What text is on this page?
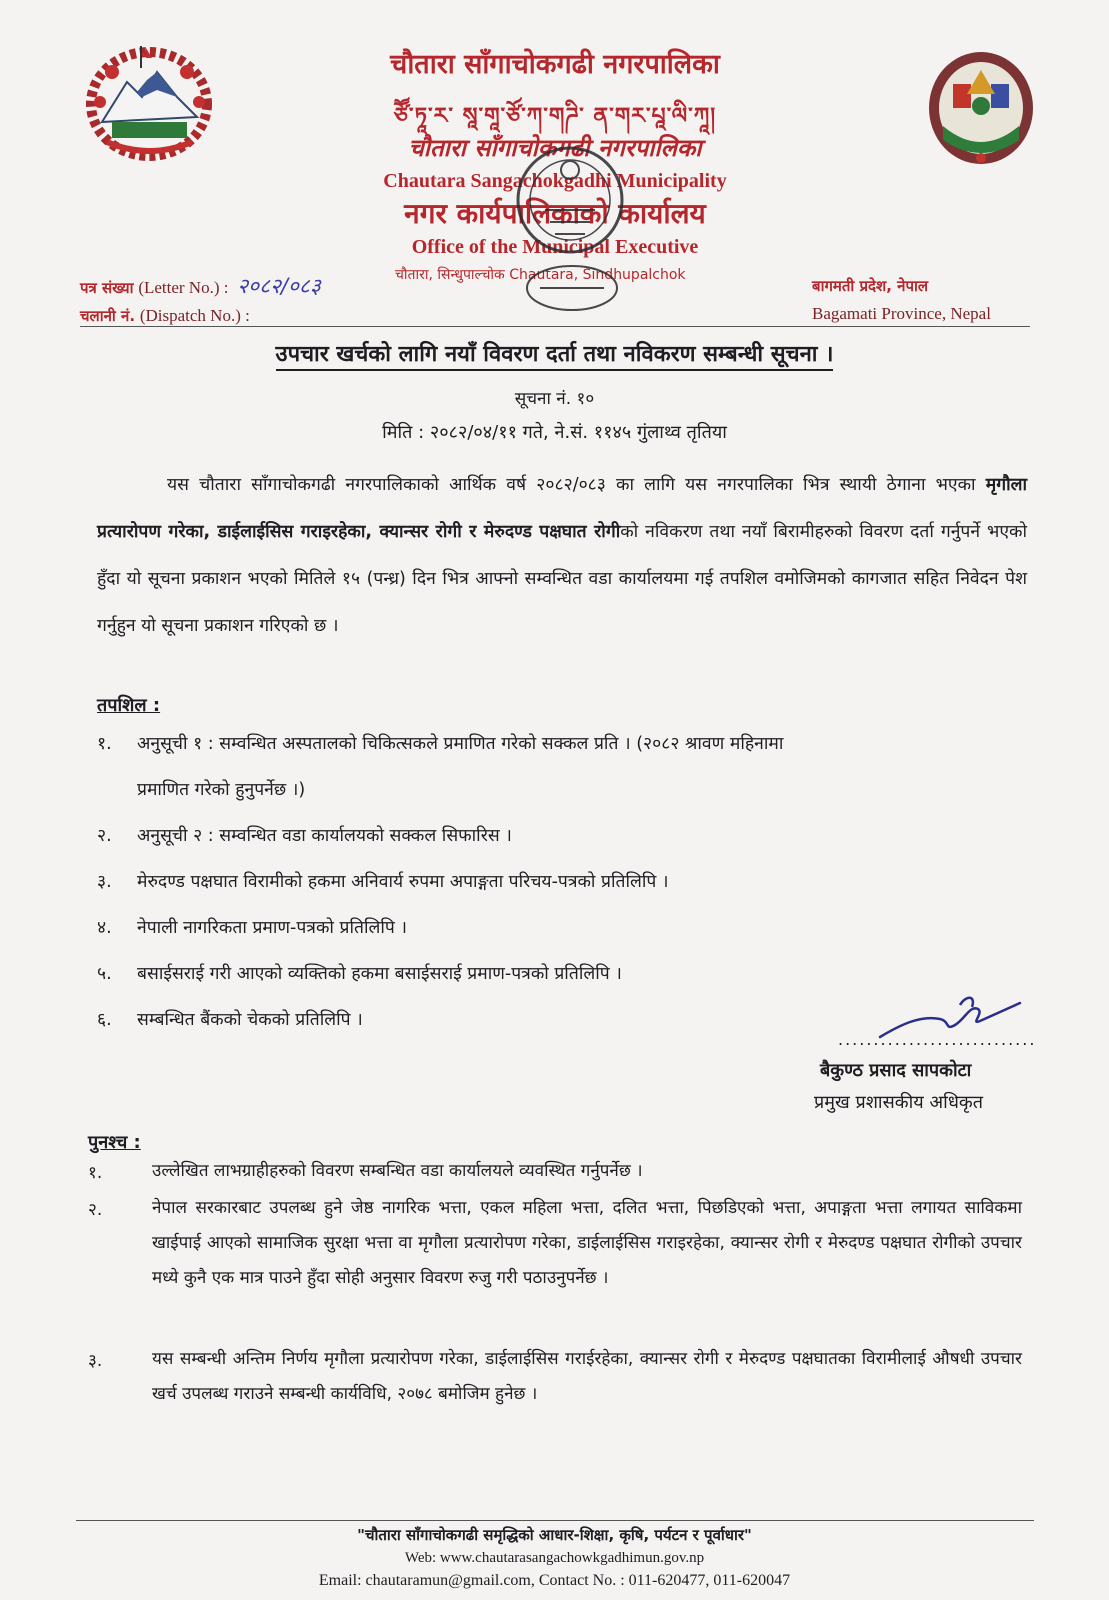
चौतारा साँगाचोकगढी नगरपालिका
ཙཽ་ཏཱ་ར་ སཱ་གཱ་ཙོ་ཀ་གཌི་ ན་གར་པཱ་ལི་ཀཱ།
चौतारा साँगाचोकगढी नगरपालिका
Chautara Sangachokgadhi Municipality
नगर कार्यपालिकाको कार्यालय
Office of the Municipal Executive
चौतारा, सिन्धुपाल्चोक Chautara, Sindhupalchok
पत्र संख्या (Letter No.) : २०८२/०८३
चलानी नं. (Dispatch No.) :
बागमती प्रदेश, नेपाल
Bagamati Province, Nepal
उपचार खर्चको लागि नयाँ विवरण दर्ता तथा नविकरण सम्बन्धी सूचना ।
सूचना नं. १०
मिति : २०८२/०४/११ गते, ने.सं. ११४५ गुंलाथ्व तृतिया
यस चौतारा साँगाचोकगढी नगरपालिकाको आर्थिक वर्ष २०८२/०८३ का लागि यस नगरपालिका भित्र स्थायी ठेगाना भएका मृगौला प्रत्यारोपण गरेका, डाईलाईसिस गराइरहेका, क्यान्सर रोगी र मेरुदण्ड पक्षघात रोगीको नविकरण तथा नयाँ बिरामीहरुको विवरण दर्ता गर्नुपर्ने भएको हुँदा यो सूचना प्रकाशन भएको मितिले १५ (पन्ध्र) दिन भित्र आफ्नो सम्वन्धित वडा कार्यालयमा गई तपशिल वमोजिमको कागजात सहित निवेदन पेश गर्नुहुन यो सूचना प्रकाशन गरिएको छ ।
तपशिल :
१. अनुसूची १ : सम्वन्धित अस्पतालको चिकित्सकले प्रमाणित गरेको सक्कल प्रति । (२०८२ श्रावण महिनामा
प्रमाणित गरेको हुनुपर्नेछ ।)
२. अनुसूची २ : सम्वन्धित वडा कार्यालयको सक्कल सिफारिस ।
३. मेरुदण्ड पक्षघात विरामीको हकमा अनिवार्य रुपमा अपाङ्गता परिचय-पत्रको प्रतिलिपि ।
४. नेपाली नागरिकता प्रमाण-पत्रको प्रतिलिपि ।
५. बसाईसराई गरी आएको व्यक्तिको हकमा बसाईसराई प्रमाण-पत्रको प्रतिलिपि ।
६. सम्बन्धित बैंकको चेकको प्रतिलिपि ।
............................
बैकुण्ठ प्रसाद सापकोटा
प्रमुख प्रशासकीय अधिकृत
पुनश्च :
१.	उल्लेखित लाभग्राहीहरुको विवरण सम्बन्धित वडा कार्यालयले व्यवस्थित गर्नुपर्नेछ ।
२.	नेपाल सरकारबाट उपलब्ध हुने जेष्ठ नागरिक भत्ता, एकल महिला भत्ता, दलित भत्ता, पिछडिएको भत्ता, अपाङ्गता भत्ता लगायत साविकमा खाईपाई आएको सामाजिक सुरक्षा भत्ता वा मृगौला प्रत्यारोपण गरेका, डाईलाईसिस गराइरहेका, क्यान्सर रोगी र मेरुदण्ड पक्षघात रोगीको उपचार मध्ये कुनै एक मात्र पाउने हुँदा सोही अनुसार विवरण रुजु गरी पठाउनुपर्नेछ ।
३.	यस सम्बन्धी अन्तिम निर्णय मृगौला प्रत्यारोपण गरेका, डाईलाईसिस गराईरहेका, क्यान्सर रोगी र मेरुदण्ड पक्षघातका विरामीलाई औषधी उपचार खर्च उपलब्ध गराउने सम्बन्धी कार्यविधि, २०७८ बमोजिम हुनेछ ।
"चौतारा साँगाचोकगढी समृद्धिको आधार-शिक्षा, कृषि, पर्यटन र पूर्वाधार"
Web: www.chautarasangachowkgadhimun.gov.np
Email: chautaramun@gmail.com, Contact No. : 011-620477, 011-620047
